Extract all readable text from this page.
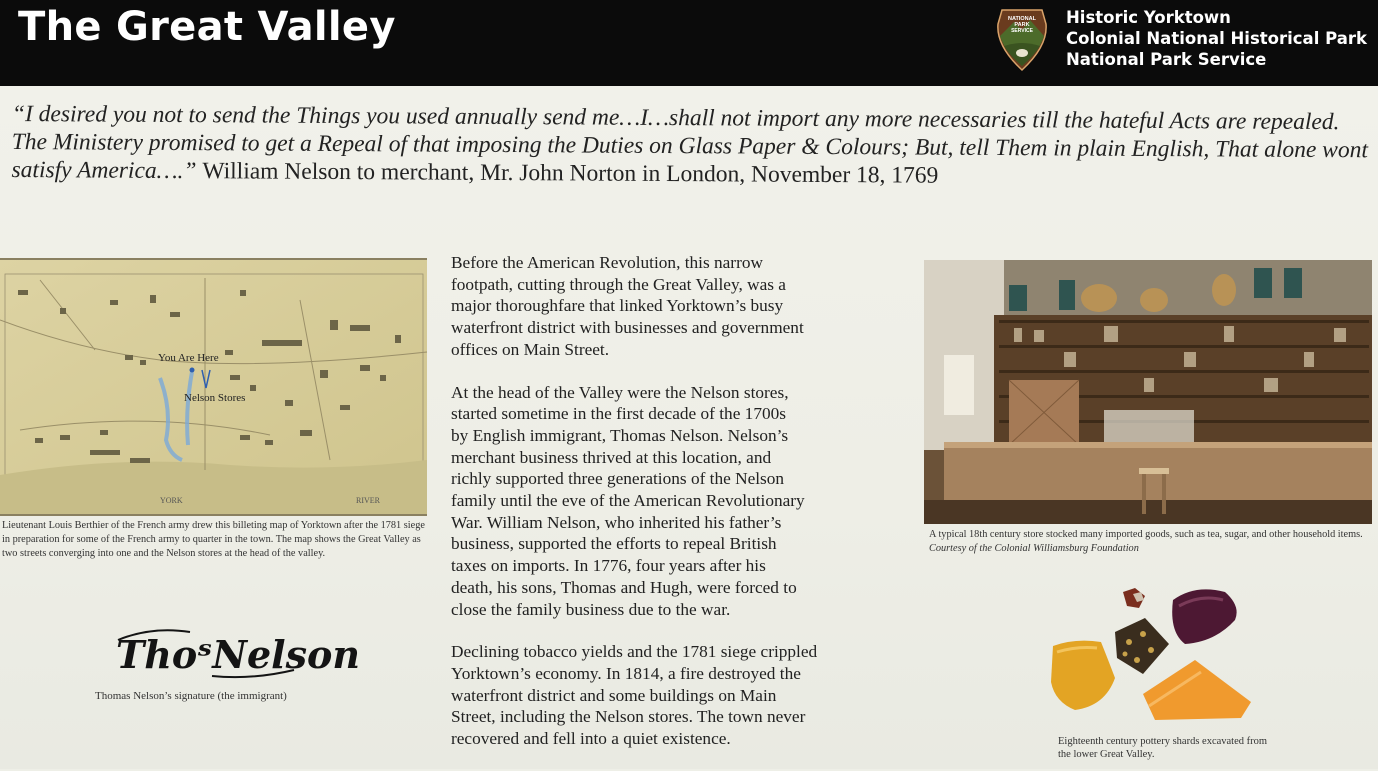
The Great Valley	NATIONAL
PARK
SERVICE
Historic Yorktown
Colonial National Historical Park
National Park Service
“I desired you not to send the Things you used annually send me…I…shall not import any more necessaries till the hateful Acts are repealed. The Ministery promised to get a Repeal of that imposing the Duties on Glass Paper & Colours; But, tell Them in plain English, That alone wont satisfy America….” William Nelson to merchant, Mr. John Norton in London, November 18, 1769
You Are Here
Nelson Stores
YORK	RIVER
Lieutenant Louis Berthier of the French army drew this billeting map of Yorktown after the 1781 siege in preparation for some of the French army to quarter in the town. The map shows the Great Valley as two streets converging into one and the Nelson stores at the head of the valley.

Before the American Revolution, this narrow
footpath, cutting through the Great Valley, was a
major thoroughfare that linked Yorktown’s busy
waterfront district with businesses and government
offices on Main Street.

At the head of the Valley were the Nelson stores,
started sometime in the first decade of the 1700s
by English immigrant, Thomas Nelson. Nelson’s
merchant business thrived at this location, and
richly supported three generations of the Nelson
family until the eve of the American Revolutionary
War. William Nelson, who inherited his father’s
business, supported the efforts to repeal British
taxes on imports. In 1776, four years after his
death, his sons, Thomas and Hugh, were forced to
close the family business due to the war.

Declining tobacco yields and the 1781 siege crippled
Yorktown’s economy. In 1814, a fire destroyed the
waterfront district and some buildings on Main
Street, including the Nelson stores. The town never
recovered and fell into a quiet existence.

A typical 18th century store stocked many imported goods, such as tea, sugar, and other household items. Courtesy of the Colonial Williamsburg Foundation
ThoˢNelson
Thomas Nelson’s signature (the immigrant)
Eighteenth century pottery shards excavated from the lower Great Valley.
